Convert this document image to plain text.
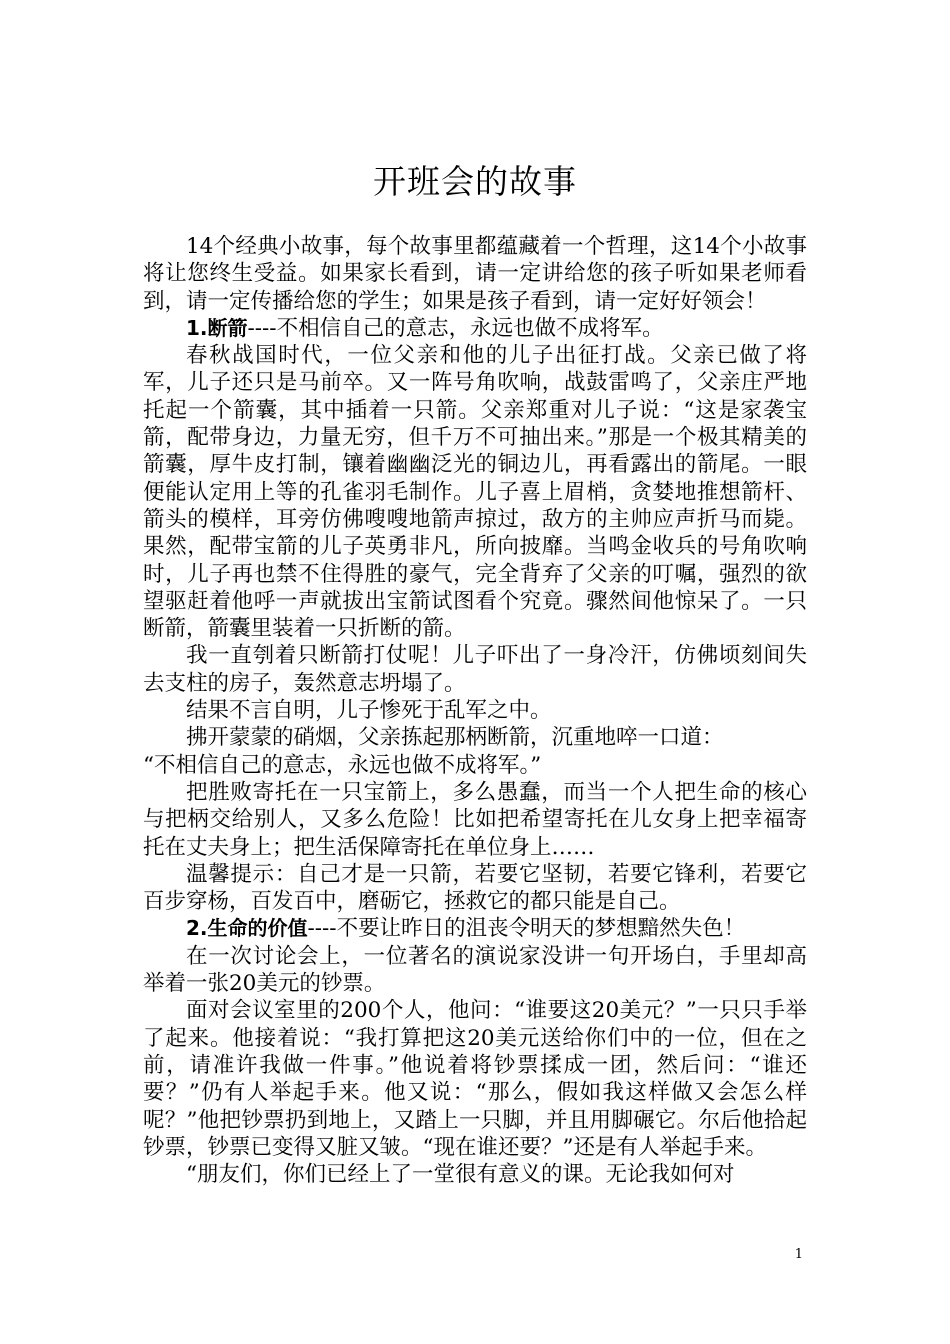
开班会的故事

14个经典小故事，每个故事里都蕴藏着一个哲理，这14个小故事将让您终生受益。如果家长看到，请一定讲给您的孩子听如果老师看到，请一定传播给您的学生；如果是孩子看到，请一定好好领会！

1.断箭----不相信自己的意志，永远也做不成将军。

春秋战国时代，一位父亲和他的儿子出征打战。父亲已做了将军，儿子还只是马前卒。又一阵号角吹响，战鼓雷鸣了，父亲庄严地托起一个箭囊，其中插着一只箭。父亲郑重对儿子说：“这是家袭宝箭，配带身边，力量无穷，但千万不可抽出来。”那是一个极其精美的箭囊，厚牛皮打制，镶着幽幽泛光的铜边儿，再看露出的箭尾。一眼便能认定用上等的孔雀羽毛制作。儿子喜上眉梢，贪婪地推想箭杆、箭头的模样，耳旁仿佛嗖嗖地箭声掠过，敌方的主帅应声折马而毙。果然，配带宝箭的儿子英勇非凡，所向披靡。当鸣金收兵的号角吹响时，儿子再也禁不住得胜的豪气，完全背弃了父亲的叮嘱，强烈的欲望驱赶着他呼一声就拔出宝箭试图看个究竟。骤然间他惊呆了。一只断箭，箭囊里装着一只折断的箭。

我一直刳着只断箭打仗呢！儿子吓出了一身冷汗，仿佛顷刻间失去支柱的房子，轰然意志坍塌了。

结果不言自明，儿子惨死于乱军之中。

拂开蒙蒙的硝烟，父亲拣起那柄断箭，沉重地啐一口道：

“不相信自己的意志，永远也做不成将军。”

把胜败寄托在一只宝箭上，多么愚蠢，而当一个人把生命的核心与把柄交给别人，又多么危险！比如把希望寄托在儿女身上把幸福寄托在丈夫身上；把生活保障寄托在单位身上……

温馨提示：自己才是一只箭，若要它坚韧，若要它锋利，若要它百步穿杨，百发百中，磨砺它，拯救它的都只能是自己。

2.生命的价值----不要让昨日的沮丧令明天的梦想黯然失色！

在一次讨论会上，一位著名的演说家没讲一句开场白，手里却高举着一张20美元的钞票。

面对会议室里的200个人，他问：“谁要这20美元？”一只只手举了起来。他接着说：“我打算把这20美元送给你们中的一位，但在之前，请准许我做一件事。”他说着将钞票揉成一团，然后问：“谁还要？”仍有人举起手来。他又说：“那么，假如我这样做又会怎么样呢？”他把钞票扔到地上，又踏上一只脚，并且用脚碾它。尔后他拾起钞票，钞票已变得又脏又皱。“现在谁还要？”还是有人举起手来。

“朋友们，你们已经上了一堂很有意义的课。无论我如何对

1
